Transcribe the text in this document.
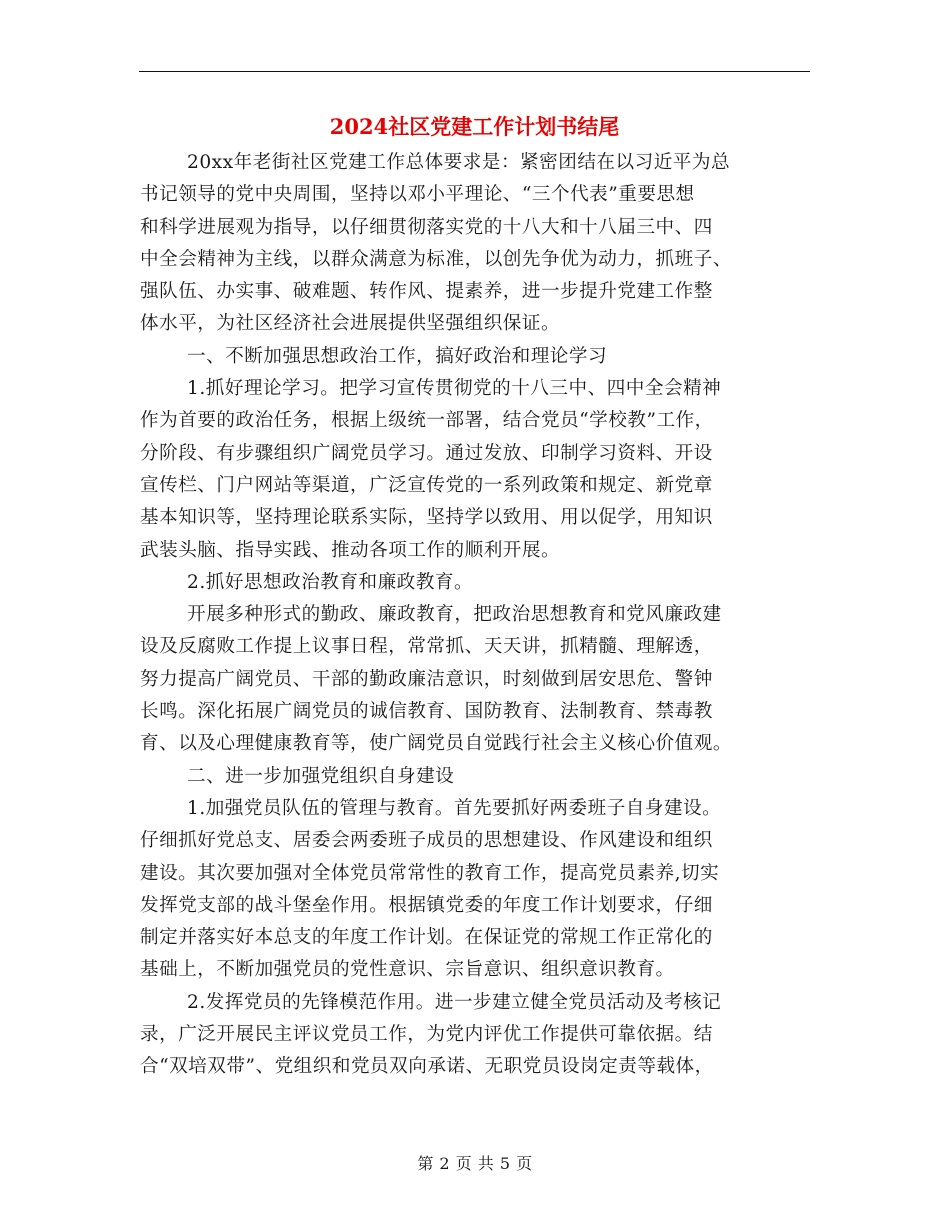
2024社区党建工作计划书结尾
20xx年老街社区党建工作总体要求是：紧密团结在以习近平为总
书记领导的党中央周围，坚持以邓小平理论、“三个代表”重要思想
和科学进展观为指导，以仔细贯彻落实党的十八大和十八届三中、四
中全会精神为主线，以群众满意为标准，以创先争优为动力，抓班子、
强队伍、办实事、破难题、转作风、提素养，进一步提升党建工作整
体水平，为社区经济社会进展提供坚强组织保证。
一、不断加强思想政治工作，搞好政治和理论学习
1.抓好理论学习。把学习宣传贯彻党的十八三中、四中全会精神
作为首要的政治任务，根据上级统一部署，结合党员“学校教”工作，
分阶段、有步骤组织广阔党员学习。通过发放、印制学习资料、开设
宣传栏、门户网站等渠道，广泛宣传党的一系列政策和规定、新党章
基本知识等，坚持理论联系实际，坚持学以致用、用以促学，用知识
武装头脑、指导实践、推动各项工作的顺利开展。
2.抓好思想政治教育和廉政教育。
开展多种形式的勤政、廉政教育，把政治思想教育和党风廉政建
设及反腐败工作提上议事日程，常常抓、天天讲，抓精髓、理解透，
努力提高广阔党员、干部的勤政廉洁意识，时刻做到居安思危、警钟
长鸣。深化拓展广阔党员的诚信教育、国防教育、法制教育、禁毒教
育、以及心理健康教育等，使广阔党员自觉践行社会主义核心价值观。
二、进一步加强党组织自身建设
1.加强党员队伍的管理与教育。首先要抓好两委班子自身建设。
仔细抓好党总支、居委会两委班子成员的思想建设、作风建设和组织
建设。其次要加强对全体党员常常性的教育工作，提高党员素养,切实
发挥党支部的战斗堡垒作用。根据镇党委的年度工作计划要求，仔细
制定并落实好本总支的年度工作计划。在保证党的常规工作正常化的
基础上，不断加强党员的党性意识、宗旨意识、组织意识教育。
2.发挥党员的先锋模范作用。进一步建立健全党员活动及考核记
录，广泛开展民主评议党员工作，为党内评优工作提供可靠依据。结
合“双培双带”、党组织和党员双向承诺、无职党员设岗定责等载体，
第 2 页 共 5 页
